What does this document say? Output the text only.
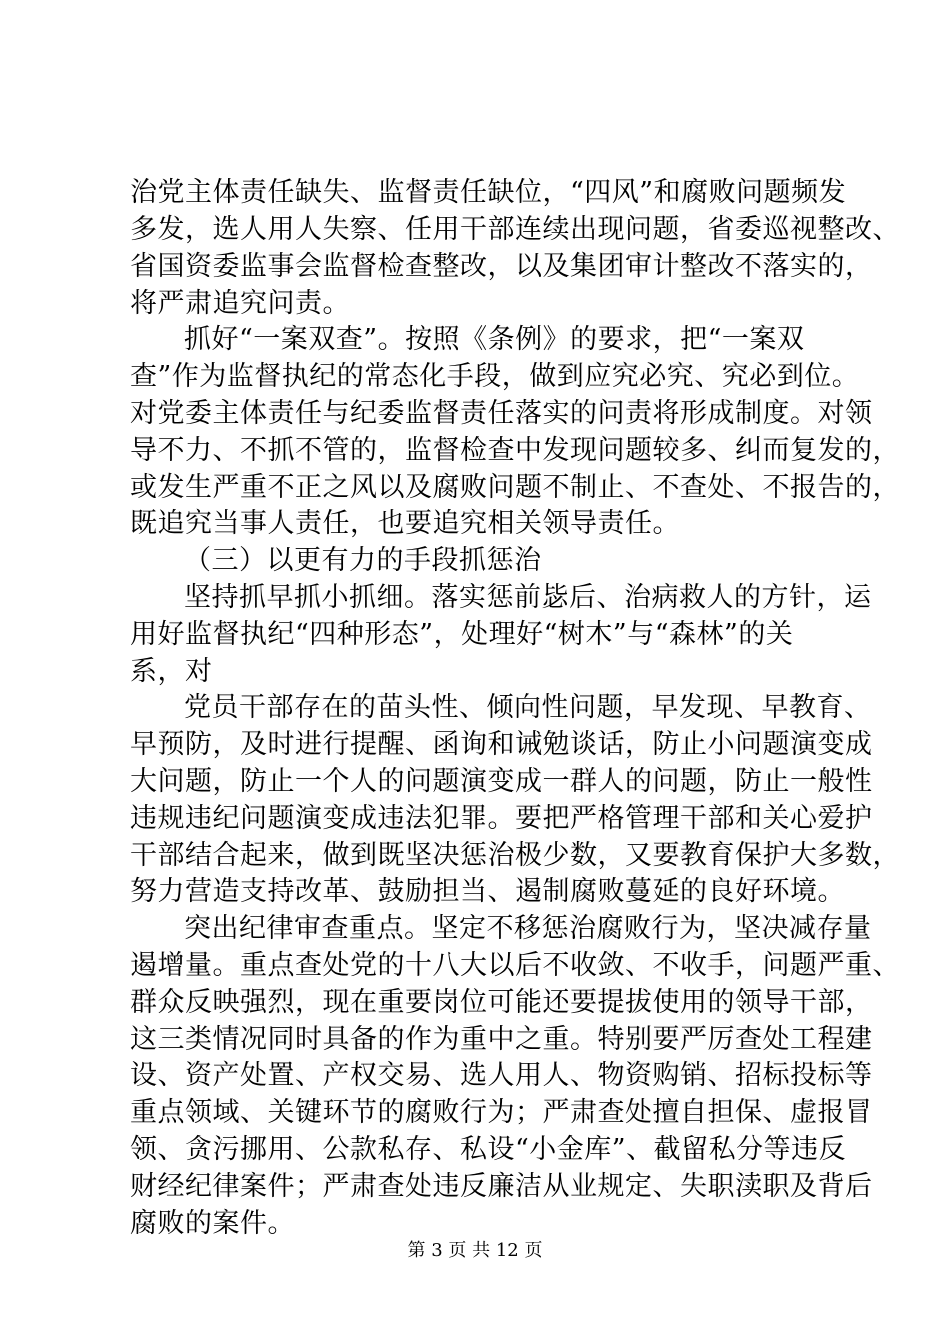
治党主体责任缺失、监督责任缺位，“四风”和腐败问题频发
多发，选人用人失察、任用干部连续出现问题，省委巡视整改、
省国资委监事会监督检查整改，以及集团审计整改不落实的，
将严肃追究问责。
抓好“一案双查”。按照《条例》的要求，把“一案双
查”作为监督执纪的常态化手段，做到应究必究、究必到位。
对党委主体责任与纪委监督责任落实的问责将形成制度。对领
导不力、不抓不管的，监督检查中发现问题较多、纠而复发的，
或发生严重不正之风以及腐败问题不制止、不查处、不报告的，
既追究当事人责任，也要追究相关领导责任。
（三）以更有力的手段抓惩治
坚持抓早抓小抓细。落实惩前毖后、治病救人的方针，运
用好监督执纪“四种形态”，处理好“树木”与“森林”的关
系，对
党员干部存在的苗头性、倾向性问题，早发现、早教育、
早预防，及时进行提醒、函询和诫勉谈话，防止小问题演变成
大问题，防止一个人的问题演变成一群人的问题，防止一般性
违规违纪问题演变成违法犯罪。要把严格管理干部和关心爱护
干部结合起来，做到既坚决惩治极少数，又要教育保护大多数，
努力营造支持改革、鼓励担当、遏制腐败蔓延的良好环境。
突出纪律审查重点。坚定不移惩治腐败行为，坚决减存量
遏增量。重点查处党的十八大以后不收敛、不收手，问题严重、
群众反映强烈，现在重要岗位可能还要提拔使用的领导干部，
这三类情况同时具备的作为重中之重。特别要严厉查处工程建
设、资产处置、产权交易、选人用人、物资购销、招标投标等
重点领域、关键环节的腐败行为；严肃查处擅自担保、虚报冒
领、贪污挪用、公款私存、私设“小金库”、截留私分等违反
财经纪律案件；严肃查处违反廉洁从业规定、失职渎职及背后
腐败的案件。
第 3 页 共 12 页
